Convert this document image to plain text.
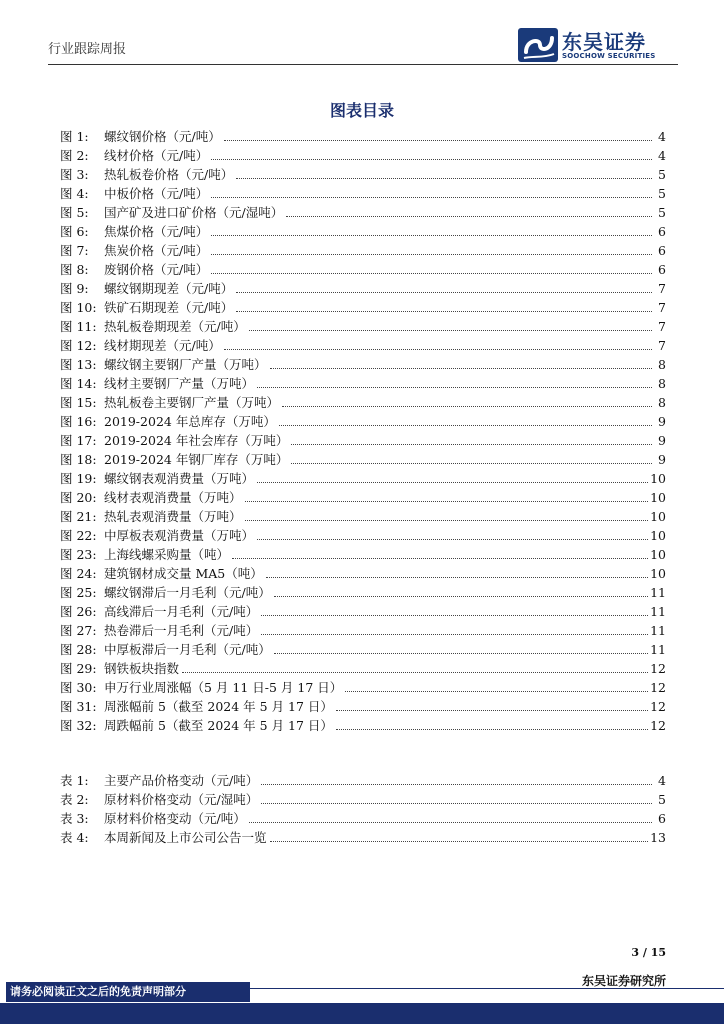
行业跟踪周报	东吴证券
SOOCHOW SECURITIES
图表目录
图 1:	螺纹钢价格（元/吨）	4
图 2:	线材价格（元/吨）	4
图 3:	热轧板卷价格（元/吨）	5
图 4:	中板价格（元/吨）	5
图 5:	国产矿及进口矿价格（元/湿吨）	5
图 6:	焦煤价格（元/吨）	6
图 7:	焦炭价格（元/吨）	6
图 8:	废钢价格（元/吨）	6
图 9:	螺纹钢期现差（元/吨）	7
图 10: 铁矿石期现差（元/吨）	7
图 11: 热轧板卷期现差（元/吨）	7
图 12: 线材期现差（元/吨）	7
图 13: 螺纹钢主要钢厂产量（万吨）	8
图 14: 线材主要钢厂产量（万吨）	8
图 15: 热轧板卷主要钢厂产量（万吨）	8
图 16: 2019-2024 年总库存（万吨）	9
图 17: 2019-2024 年社会库存（万吨）	9
图 18: 2019-2024 年钢厂库存（万吨）	9
图 19: 螺纹钢表观消费量（万吨）	10
图 20: 线材表观消费量（万吨）	10
图 21: 热轧表观消费量（万吨）	10
图 22: 中厚板表观消费量（万吨）	10
图 23: 上海线螺采购量（吨）	10
图 24: 建筑钢材成交量 MA5（吨）	10
图 25: 螺纹钢滞后一月毛利（元/吨）	11
图 26: 高线滞后一月毛利（元/吨）	11
图 27: 热卷滞后一月毛利（元/吨）	11
图 28: 中厚板滞后一月毛利（元/吨）	11
图 29: 钢铁板块指数	12
图 30: 申万行业周涨幅（5 月 11 日-5 月 17 日）	12
图 31: 周涨幅前 5（截至 2024 年 5 月 17 日）	12
图 32: 周跌幅前 5（截至 2024 年 5 月 17 日）	12
表 1:	主要产品价格变动（元/吨）	4
表 2:	原材料价格变动（元/湿吨）	5
表 3:	原材料价格变动（元/吨）	6
表 4:	本周新闻及上市公司公告一览	13
3 / 15
东吴证券研究所
请务必阅读正文之后的免责声明部分
